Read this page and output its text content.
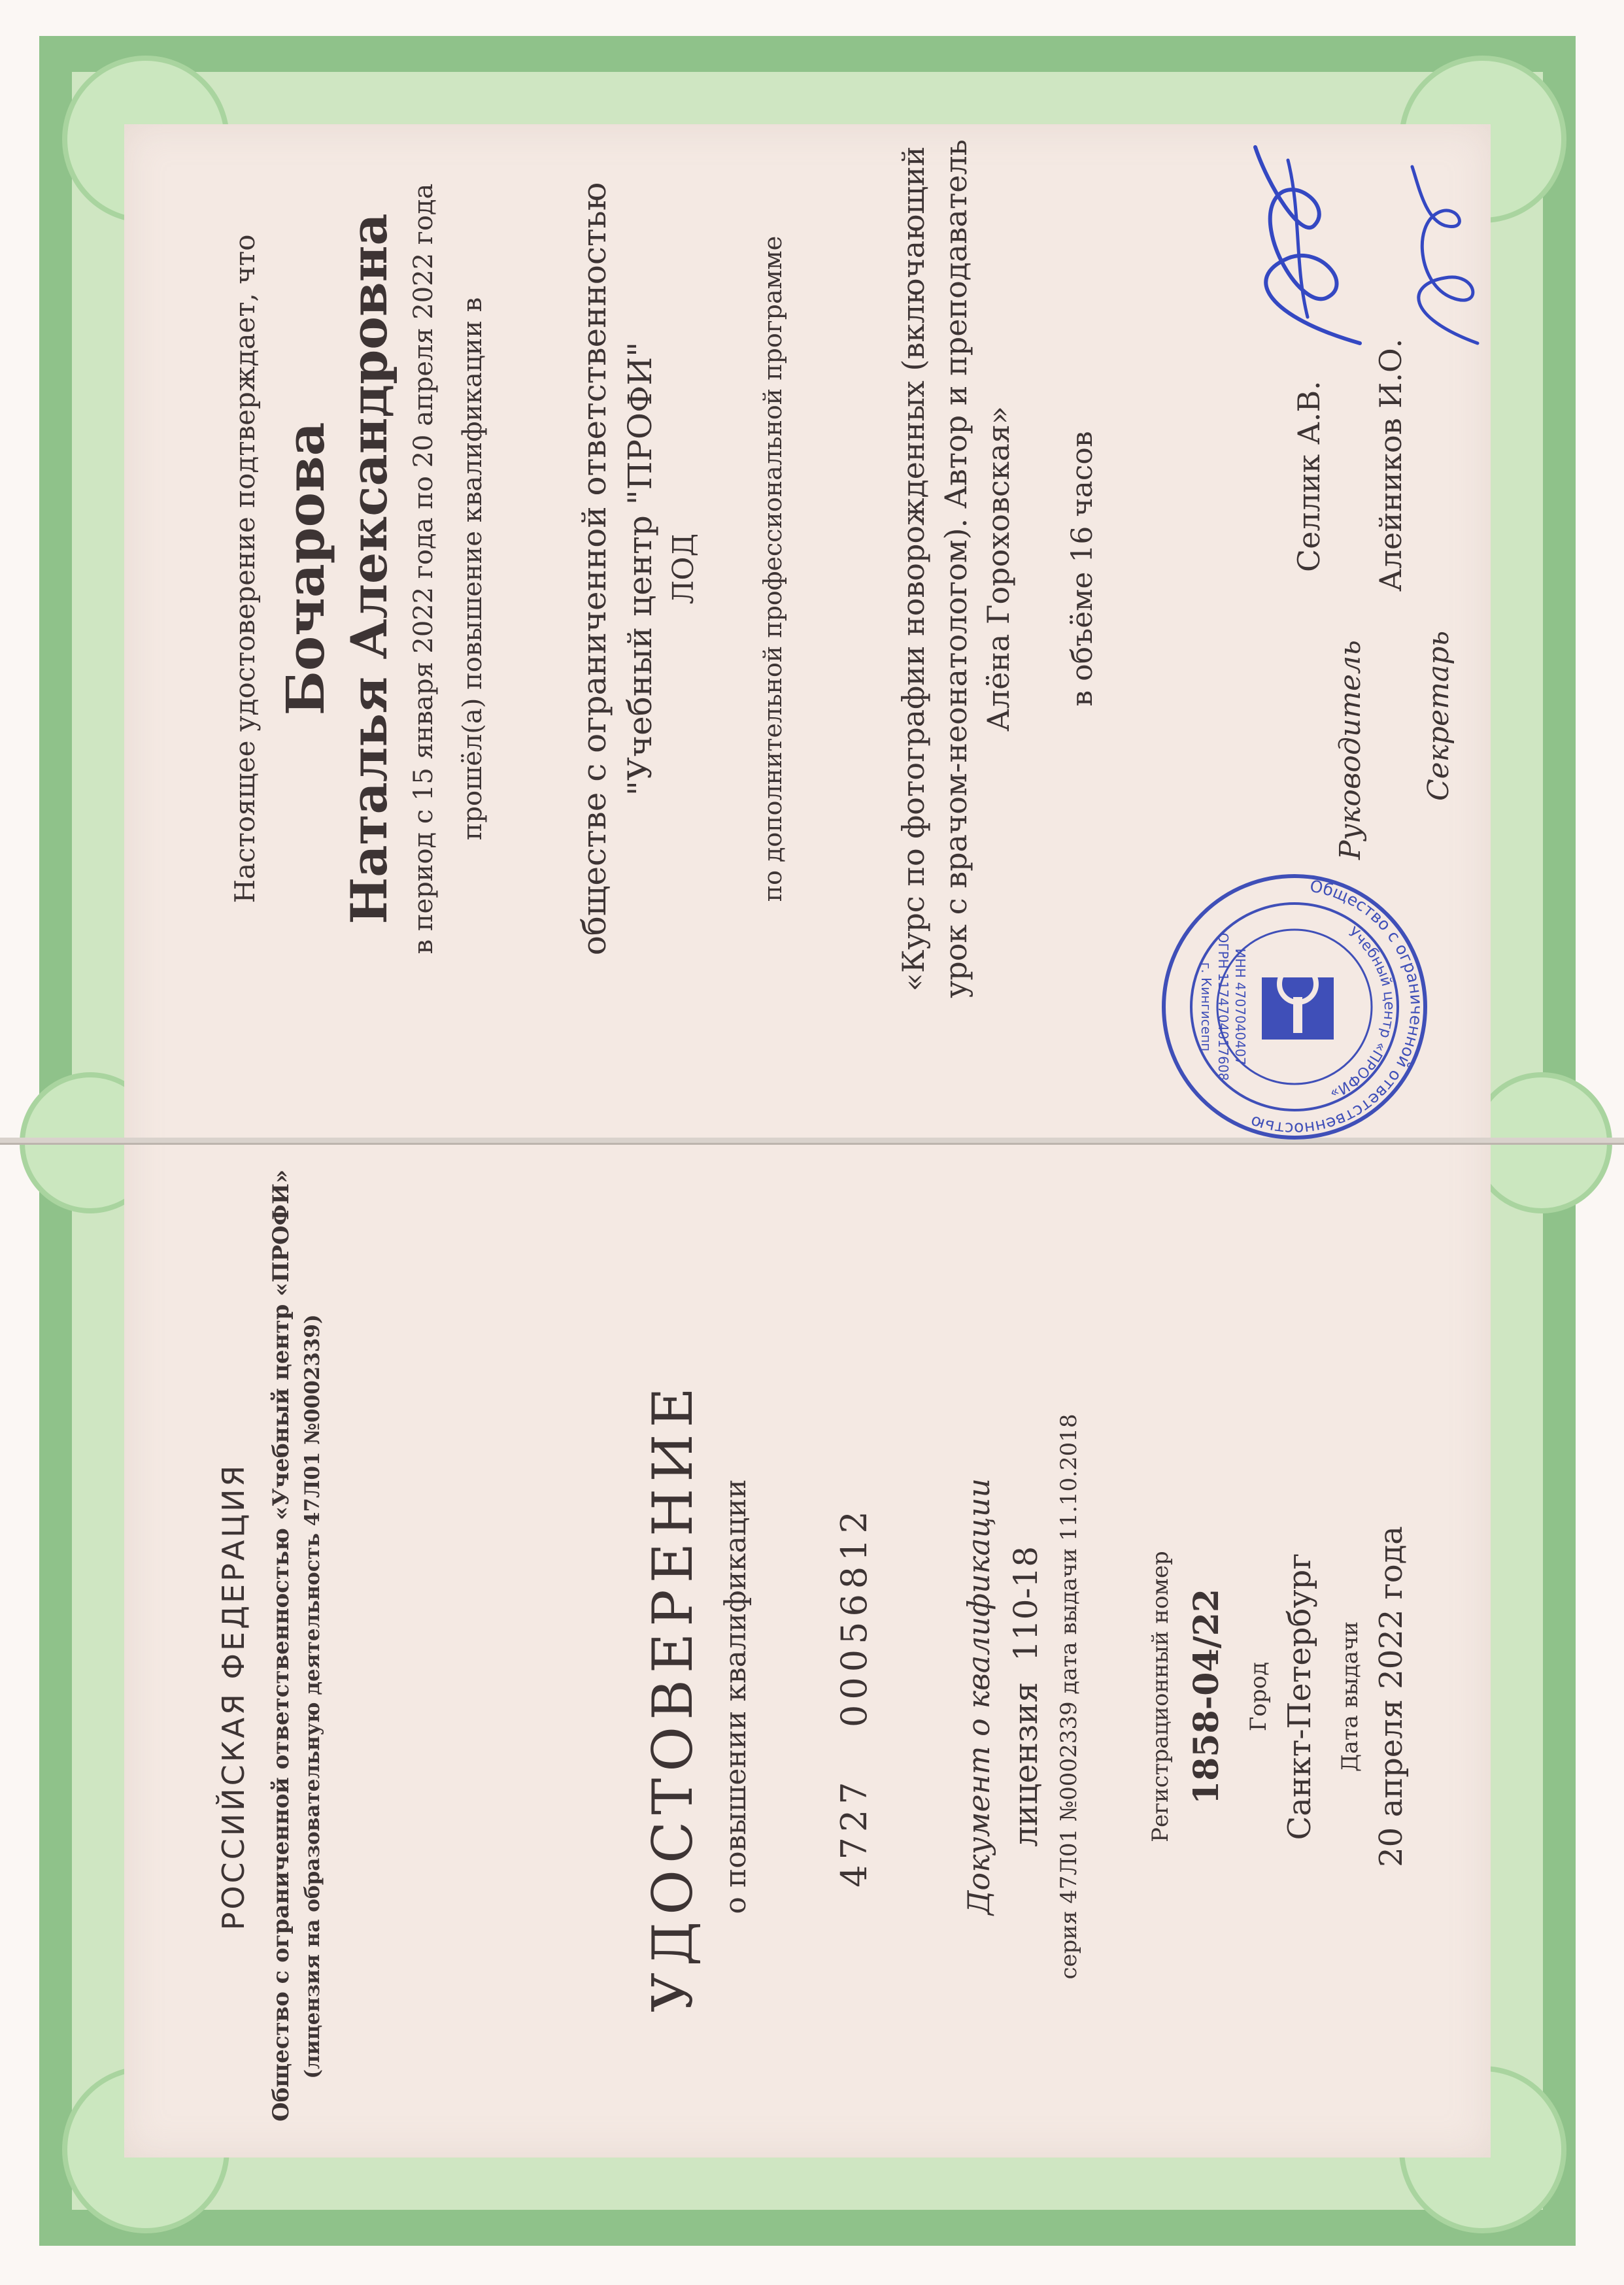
РОССИЙСКАЯ ФЕДЕРАЦИЯ Общество с ограниченной ответственностью «Учебный центр «ПРОФИ» (лицензия на образовательную деятельность 47Л01 №0002339)	УДОСТОВЕРЕНИЕ о повышении квалификации 4727   00056812	Документ о квалификации лицензия  110-18 серия 47Л01 №0002339 дата выдачи 11.10.2018	Регистрационный номер 1858-04/22 Город Санкт-Петербург Дата выдачи 20 апреля 2022 года
Настоящее удостоверение подтверждает, что Бочарова Наталья Александровна в период с 15 января 2022 года по 20 апреля 2022 года прошёл(а) повышение квалификации в	обществе с ограниченной ответственностью "Учебный центр "ПРОФИ" ЛОД по дополнительной профессиональной программе	«Курс по фотографии новорожденных (включающий урок с врачом-неонатологом). Автор и преподаватель Алёна Гороховская» в объёме 16 часов
Руководитель
Селлик А.В.
Секретарь
Алейников И.О.
Общество с ограниченной ответственностью
Учебный центр «ПРОФИ»
ИНН 4707040407
ОГРН 1174704017608
г. Кингисепп
